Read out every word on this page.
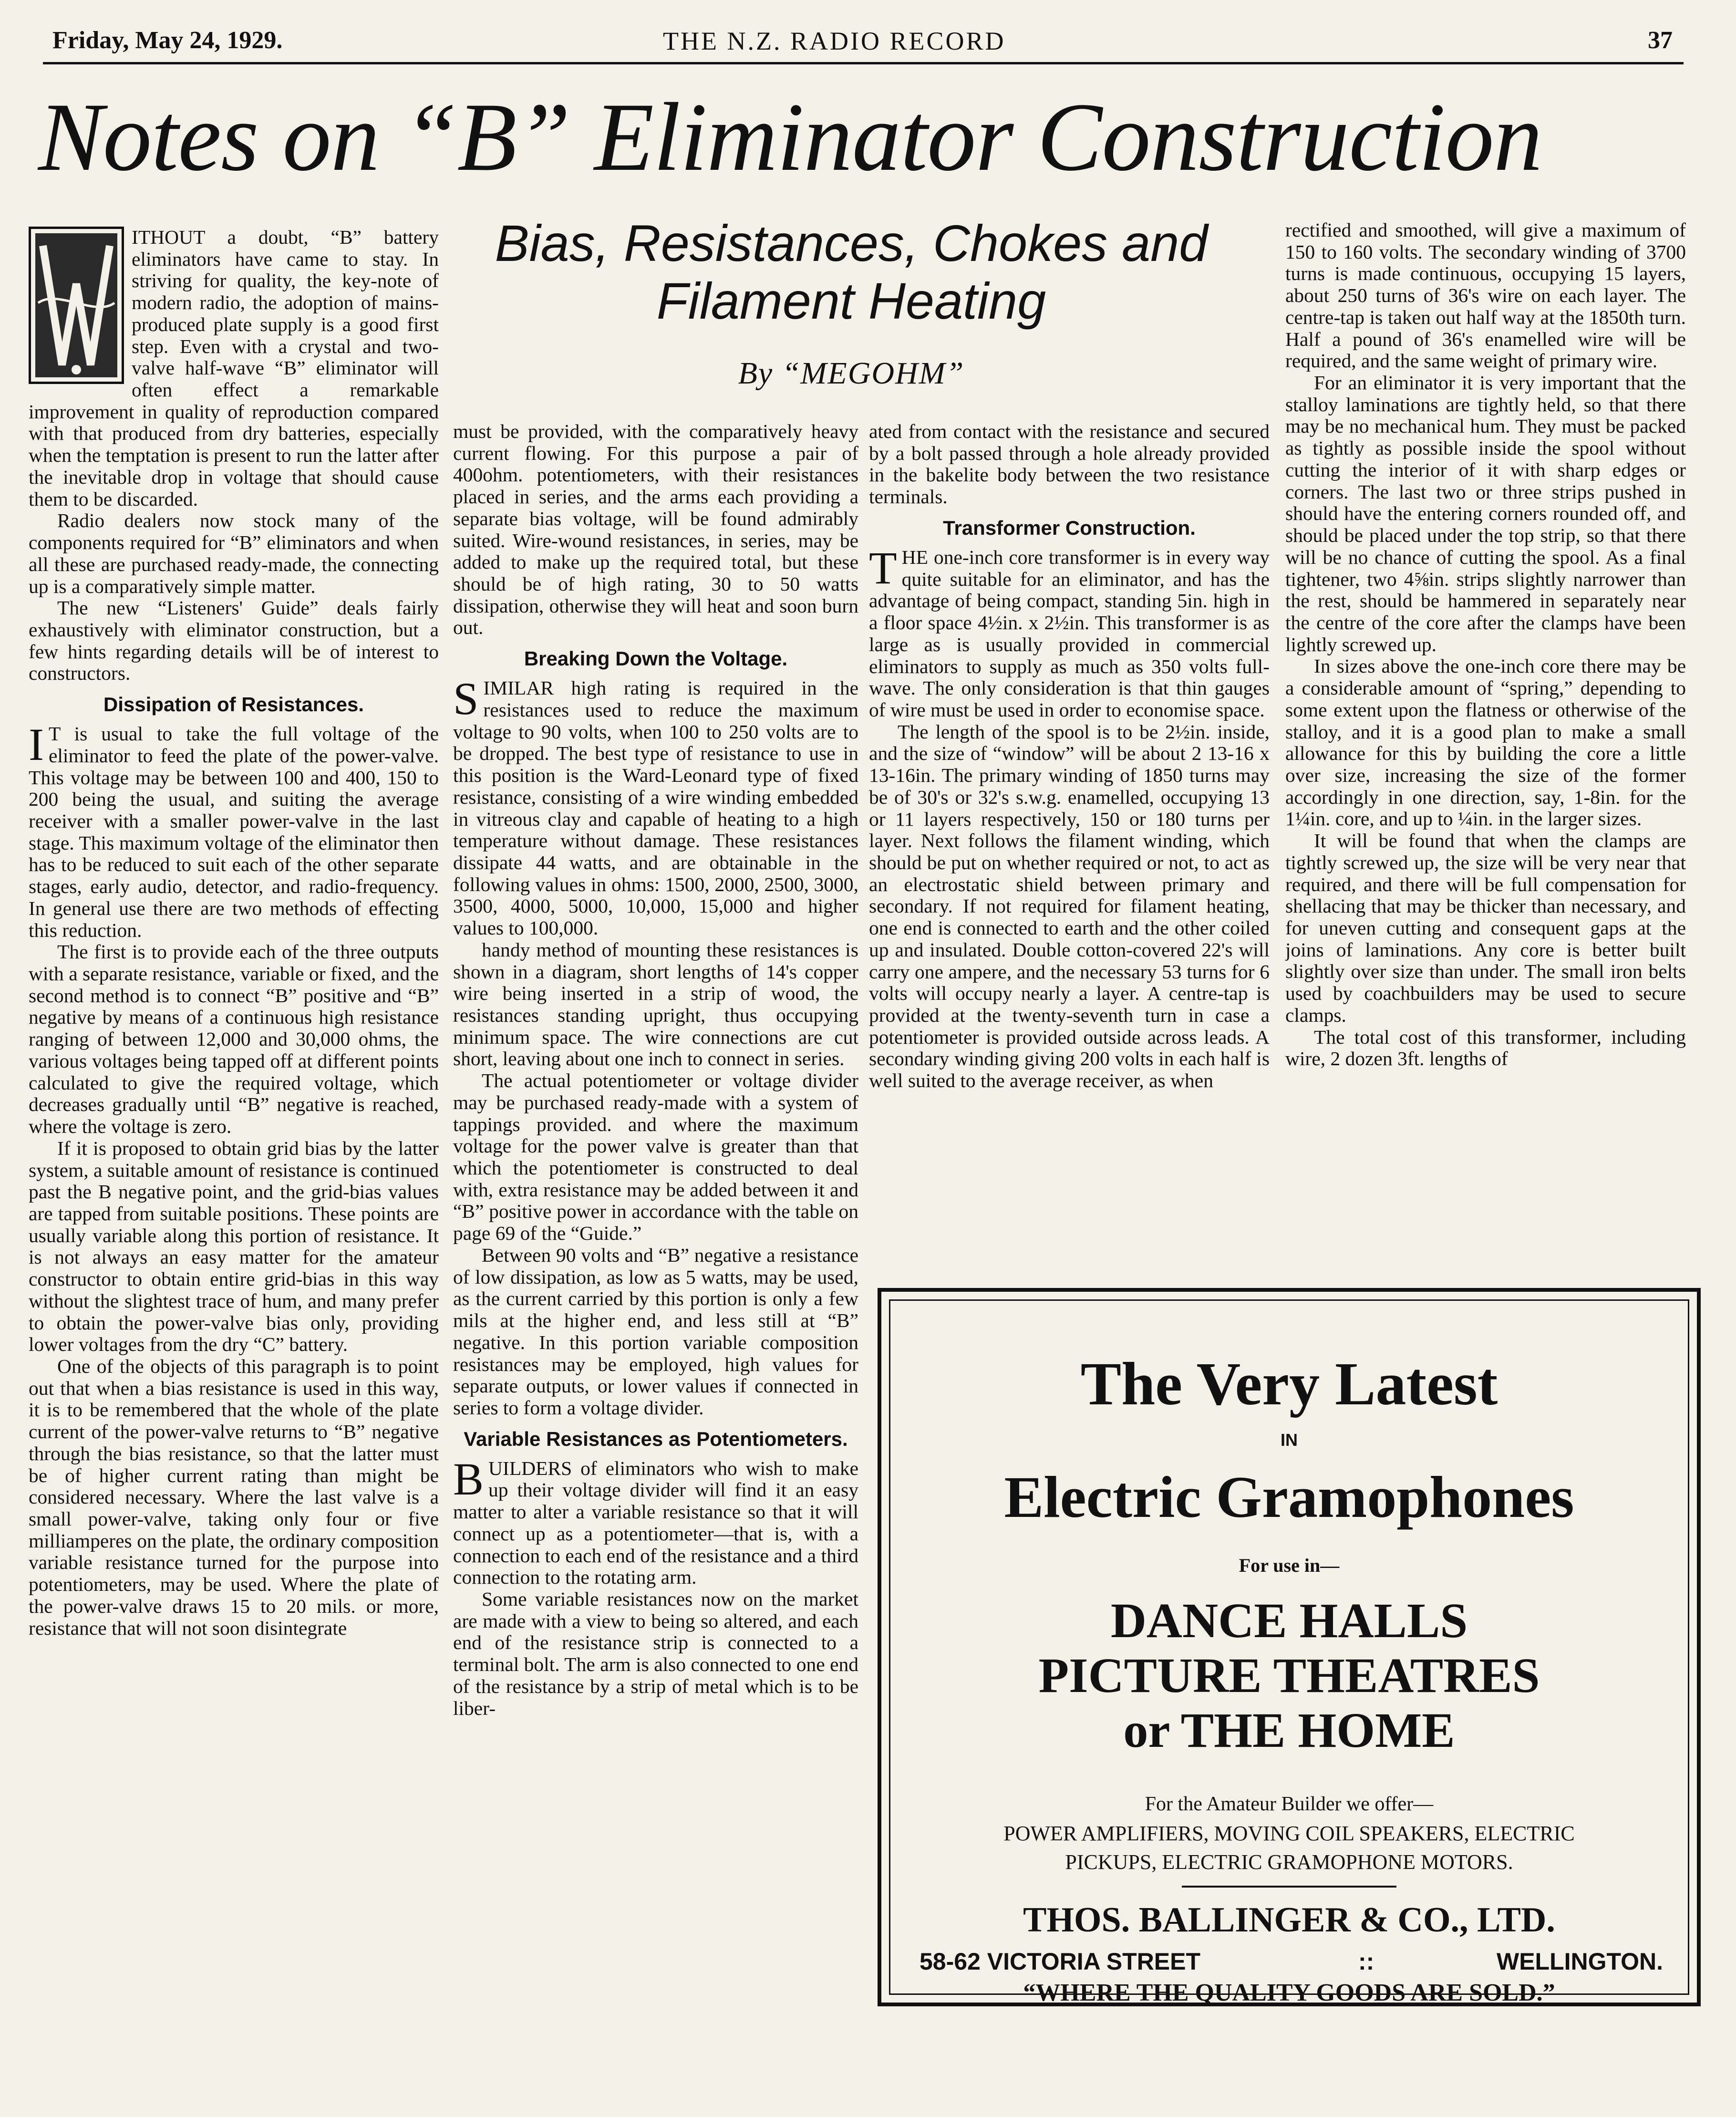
Friday, May 24, 1929.	THE N.Z. RADIO RECORD	37
Notes on “B” Eliminator Construction
Bias, Resistances, Chokes and
Filament Heating
By “MEGOHM”

ITHOUT a doubt, “B” battery eliminators have came to stay. In striving for quality, the key-note of modern radio, the adoption of mains-produced plate supply is a good first step. Even with a crystal and two-valve half-wave “B” eliminator will often effect a remarkable improvement in quality of reproduction compared with that produced from dry batteries, especially when the temptation is present to run the latter after the inevitable drop in voltage that should cause them to be discarded.

Radio dealers now stock many of the components required for “B” eliminators and when all these are purchased ready-made, the connecting up is a comparatively simple matter.

The new “Listeners' Guide” deals fairly exhaustively with eliminator construction, but a few hints regarding details will be of interest to constructors.

Dissipation of Resistances.

IT is usual to take the full voltage of the eliminator to feed the plate of the power-valve. This voltage may be between 100 and 400, 150 to 200 being the usual, and suiting the average receiver with a smaller power-valve in the last stage. This maximum voltage of the eliminator then has to be reduced to suit each of the other separate stages, early audio, detector, and radio-frequency. In general use there are two methods of effecting this reduction.

The first is to provide each of the three outputs with a separate resistance, variable or fixed, and the second method is to connect “B” positive and “B” negative by means of a continuous high resistance ranging of between 12,000 and 30,000 ohms, the various voltages being tapped off at different points calculated to give the required voltage, which decreases gradually until “B” negative is reached, where the voltage is zero.

If it is proposed to obtain grid bias by the latter system, a suitable amount of resistance is continued past the B negative point, and the grid-bias values are tapped from suitable positions. These points are usually variable along this portion of resistance. It is not always an easy matter for the amateur constructor to obtain entire grid-bias in this way without the slightest trace of hum, and many prefer to obtain the power-valve bias only, providing lower voltages from the dry “C” battery.

One of the objects of this paragraph is to point out that when a bias resistance is used in this way, it is to be remembered that the whole of the plate current of the power-valve returns to “B” negative through the bias resistance, so that the latter must be of higher current rating than might be considered necessary. Where the last valve is a small power-valve, taking only four or five milliamperes on the plate, the ordinary composition variable resistance turned for the purpose into potentiometers, may be used. Where the plate of the power-valve draws 15 to 20 mils. or more, resistance that will not soon disintegrate

must be provided, with the comparatively heavy current flowing. For this purpose a pair of 400ohm. potentiometers, with their resistances placed in series, and the arms each providing a separate bias voltage, will be found admirably suited. Wire-wound resistances, in series, may be added to make up the required total, but these should be of high rating, 30 to 50 watts dissipation, otherwise they will heat and soon burn out.

Breaking Down the Voltage.

SIMILAR high rating is required in the resistances used to reduce the maximum voltage to 90 volts, when 100 to 250 volts are to be dropped. The best type of resistance to use in this position is the Ward-Leonard type of fixed resistance, consisting of a wire winding embedded in vitreous clay and capable of heating to a high temperature without damage. These resistances dissipate 44 watts, and are obtainable in the following values in ohms: 1500, 2000, 2500, 3000, 3500, 4000, 5000, 10,000, 15,000 and higher values to 100,000.

handy method of mounting these resistances is shown in a diagram, short lengths of 14's copper wire being inserted in a strip of wood, the resistances standing upright, thus occupying minimum space. The wire connections are cut short, leaving about one inch to connect in series.

The actual potentiometer or voltage divider may be purchased ready-made with a system of tappings provided. and where the maximum voltage for the power valve is greater than that which the potentiometer is constructed to deal with, extra resistance may be added between it and “B” positive power in accordance with the table on page 69 of the “Guide.”

Between 90 volts and “B” negative a resistance of low dissipation, as low as 5 watts, may be used, as the current carried by this portion is only a few mils at the higher end, and less still at “B” negative. In this portion variable composition resistances may be employed, high values for separate outputs, or lower values if connected in series to form a voltage divider.

Variable Resistances as Potentiometers.

BUILDERS of eliminators who wish to make up their voltage divider will find it an easy matter to alter a variable resistance so that it will connect up as a potentiometer—that is, with a connection to each end of the resistance and a third connection to the rotating arm.

Some variable resistances now on the market are made with a view to being so altered, and each end of the resistance strip is connected to a terminal bolt. The arm is also connected to one end of the resistance by a strip of metal which is to be liber-

ated from contact with the resistance and secured by a bolt passed through a hole already provided in the bakelite body between the two resistance terminals.

Transformer Construction.

THE one-inch core transformer is in every way quite suitable for an eliminator, and has the advantage of being compact, standing 5in. high in a floor space 4½in. x 2½in. This transformer is as large as is usually provided in commercial eliminators to supply as much as 350 volts full-wave. The only consideration is that thin gauges of wire must be used in order to economise space.

The length of the spool is to be 2½in. inside, and the size of “window” will be about 2 13-16 x 13-16in. The primary winding of 1850 turns may be of 30's or 32's s.w.g. enamelled, occupying 13 or 11 layers respectively, 150 or 180 turns per layer. Next follows the filament winding, which should be put on whether required or not, to act as an electrostatic shield between primary and secondary. If not required for filament heating, one end is connected to earth and the other coiled up and insulated. Double cotton-covered 22's will carry one ampere, and the necessary 53 turns for 6 volts will occupy nearly a layer. A centre-tap is provided at the twenty-seventh turn in case a potentiometer is provided outside across leads. A secondary winding giving 200 volts in each half is well suited to the average receiver, as when

rectified and smoothed, will give a maximum of 150 to 160 volts. The secondary winding of 3700 turns is made continuous, occupying 15 layers, about 250 turns of 36's wire on each layer. The centre-tap is taken out half way at the 1850th turn. Half a pound of 36's enamelled wire will be required, and the same weight of primary wire.

For an eliminator it is very important that the stalloy laminations are tightly held, so that there may be no mechanical hum. They must be packed as tightly as possible inside the spool without cutting the interior of it with sharp edges or corners. The last two or three strips pushed in should have the entering corners rounded off, and should be placed under the top strip, so that there will be no chance of cutting the spool. As a final tightener, two 4⅝in. strips slightly narrower than the rest, should be hammered in separately near the centre of the core after the clamps have been lightly screwed up.

In sizes above the one-inch core there may be a considerable amount of “spring,” depending to some extent upon the flatness or otherwise of the stalloy, and it is a good plan to make a small allowance for this by building the core a little over size, increasing the size of the former accordingly in one direction, say, 1-8in. for the 1¼in. core, and up to ¼in. in the larger sizes.

It will be found that when the clamps are tightly screwed up, the size will be very near that required, and there will be full compensation for shellacing that may be thicker than necessary, and for uneven cutting and consequent gaps at the joins of laminations. Any core is better built slightly over size than under. The small iron belts used by coachbuilders may be used to secure clamps.

The total cost of this transformer, including wire, 2 dozen 3ft. lengths of

The Very Latest
IN
Electric Gramophones
For use in—
DANCE HALLS
PICTURE THEATRES
or THE HOME
For the Amateur Builder we offer—
POWER AMPLIFIERS, MOVING COIL SPEAKERS, ELECTRIC
PICKUPS, ELECTRIC GRAMOPHONE MOTORS.
THOS. BALLINGER & CO., LTD.
58-62 VICTORIA STREET	::	WELLINGTON.
“WHERE THE QUALITY GOODS ARE SOLD.”
